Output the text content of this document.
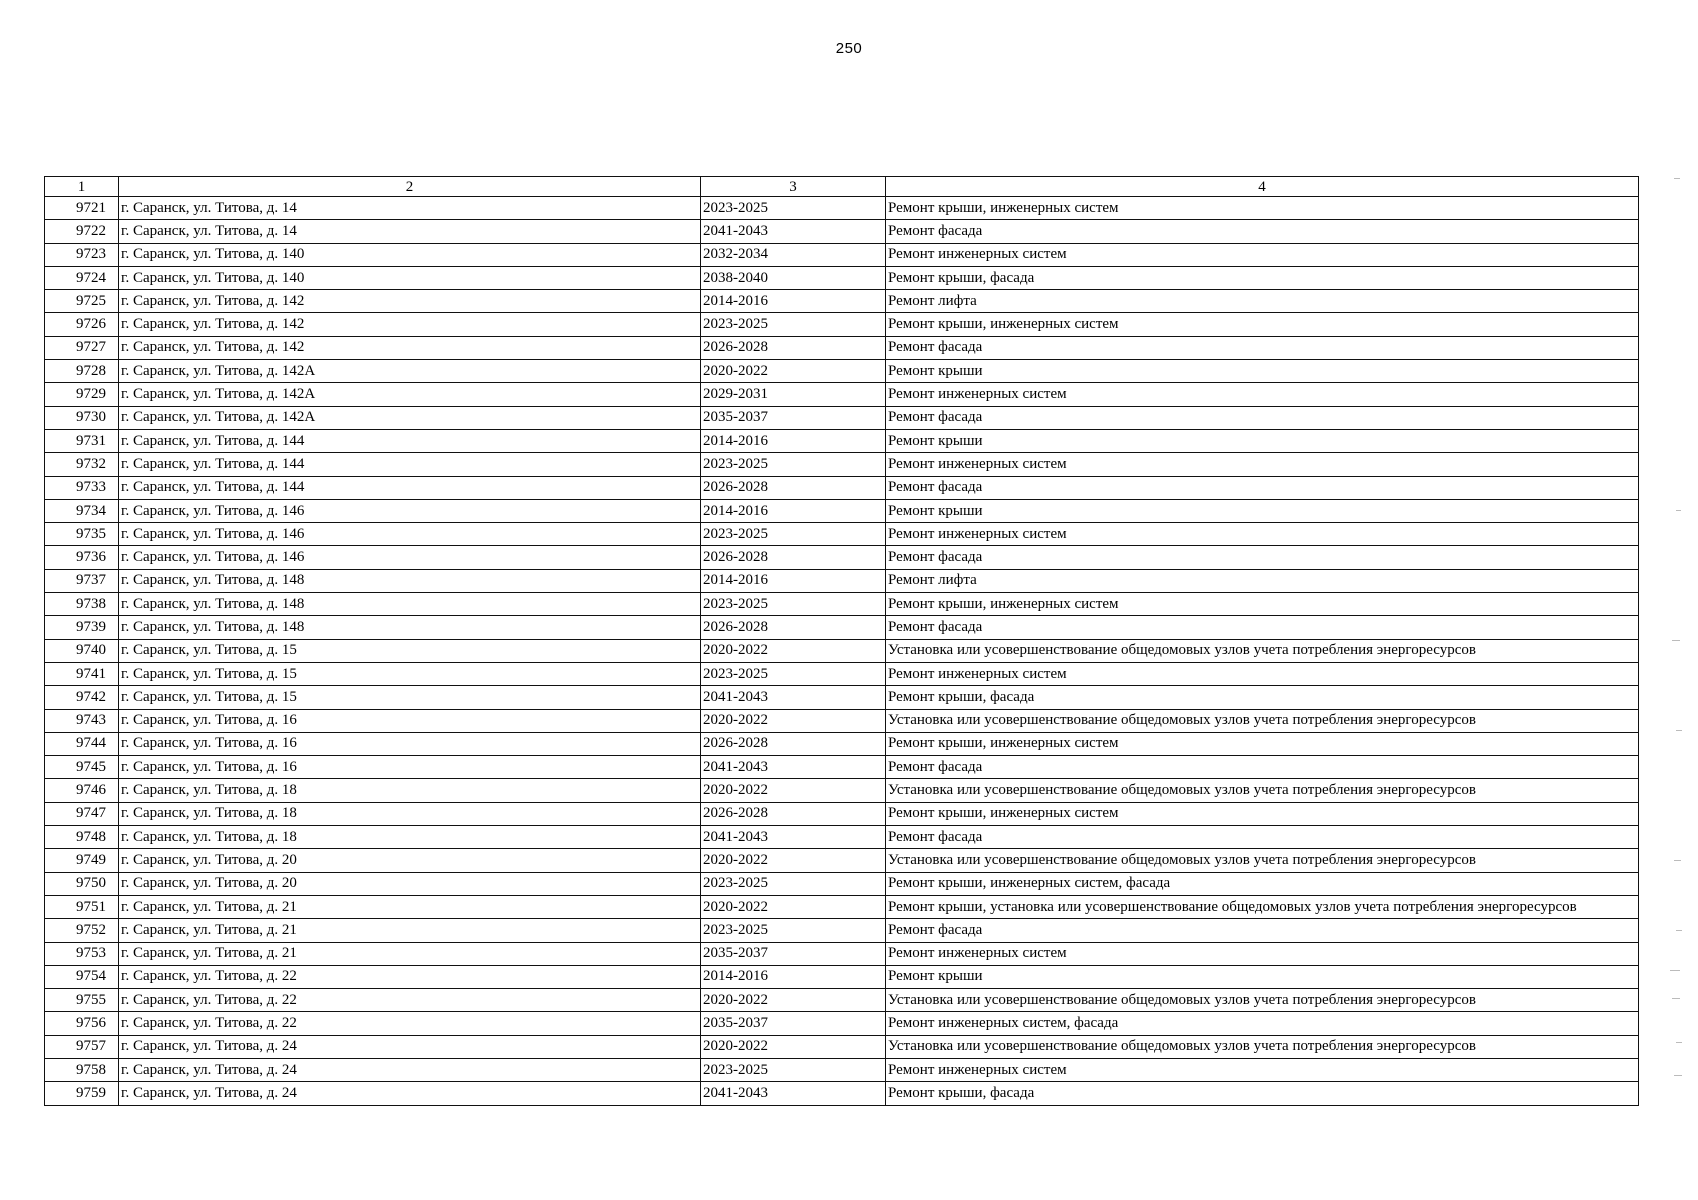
250
1	2	3	4
9721	г. Саранск, ул. Титова, д. 14	2023-2025	Ремонт крыши, инженерных систем
9722	г. Саранск, ул. Титова, д. 14	2041-2043	Ремонт фасада
9723	г. Саранск, ул. Титова, д. 140	2032-2034	Ремонт инженерных систем
9724	г. Саранск, ул. Титова, д. 140	2038-2040	Ремонт крыши, фасада
9725	г. Саранск, ул. Титова, д. 142	2014-2016	Ремонт лифта
9726	г. Саранск, ул. Титова, д. 142	2023-2025	Ремонт крыши, инженерных систем
9727	г. Саранск, ул. Титова, д. 142	2026-2028	Ремонт фасада
9728	г. Саранск, ул. Титова, д. 142А	2020-2022	Ремонт крыши
9729	г. Саранск, ул. Титова, д. 142А	2029-2031	Ремонт инженерных систем
9730	г. Саранск, ул. Титова, д. 142А	2035-2037	Ремонт фасада
9731	г. Саранск, ул. Титова, д. 144	2014-2016	Ремонт крыши
9732	г. Саранск, ул. Титова, д. 144	2023-2025	Ремонт инженерных систем
9733	г. Саранск, ул. Титова, д. 144	2026-2028	Ремонт фасада
9734	г. Саранск, ул. Титова, д. 146	2014-2016	Ремонт крыши
9735	г. Саранск, ул. Титова, д. 146	2023-2025	Ремонт инженерных систем
9736	г. Саранск, ул. Титова, д. 146	2026-2028	Ремонт фасада
9737	г. Саранск, ул. Титова, д. 148	2014-2016	Ремонт лифта
9738	г. Саранск, ул. Титова, д. 148	2023-2025	Ремонт крыши, инженерных систем
9739	г. Саранск, ул. Титова, д. 148	2026-2028	Ремонт фасада
9740	г. Саранск, ул. Титова, д. 15	2020-2022	Установка или усовершенствование общедомовых узлов учета потребления энергоресурсов
9741	г. Саранск, ул. Титова, д. 15	2023-2025	Ремонт инженерных систем
9742	г. Саранск, ул. Титова, д. 15	2041-2043	Ремонт крыши, фасада
9743	г. Саранск, ул. Титова, д. 16	2020-2022	Установка или усовершенствование общедомовых узлов учета потребления энергоресурсов
9744	г. Саранск, ул. Титова, д. 16	2026-2028	Ремонт крыши, инженерных систем
9745	г. Саранск, ул. Титова, д. 16	2041-2043	Ремонт фасада
9746	г. Саранск, ул. Титова, д. 18	2020-2022	Установка или усовершенствование общедомовых узлов учета потребления энергоресурсов
9747	г. Саранск, ул. Титова, д. 18	2026-2028	Ремонт крыши, инженерных систем
9748	г. Саранск, ул. Титова, д. 18	2041-2043	Ремонт фасада
9749	г. Саранск, ул. Титова, д. 20	2020-2022	Установка или усовершенствование общедомовых узлов учета потребления энергоресурсов
9750	г. Саранск, ул. Титова, д. 20	2023-2025	Ремонт крыши, инженерных систем, фасада
9751	г. Саранск, ул. Титова, д. 21	2020-2022	Ремонт крыши, установка или усовершенствование общедомовых узлов учета потребления энергоресурсов
9752	г. Саранск, ул. Титова, д. 21	2023-2025	Ремонт фасада
9753	г. Саранск, ул. Титова, д. 21	2035-2037	Ремонт инженерных систем
9754	г. Саранск, ул. Титова, д. 22	2014-2016	Ремонт крыши
9755	г. Саранск, ул. Титова, д. 22	2020-2022	Установка или усовершенствование общедомовых узлов учета потребления энергоресурсов
9756	г. Саранск, ул. Титова, д. 22	2035-2037	Ремонт инженерных систем, фасада
9757	г. Саранск, ул. Титова, д. 24	2020-2022	Установка или усовершенствование общедомовых узлов учета потребления энергоресурсов
9758	г. Саранск, ул. Титова, д. 24	2023-2025	Ремонт инженерных систем
9759	г. Саранск, ул. Титова, д. 24	2041-2043	Ремонт крыши, фасада
